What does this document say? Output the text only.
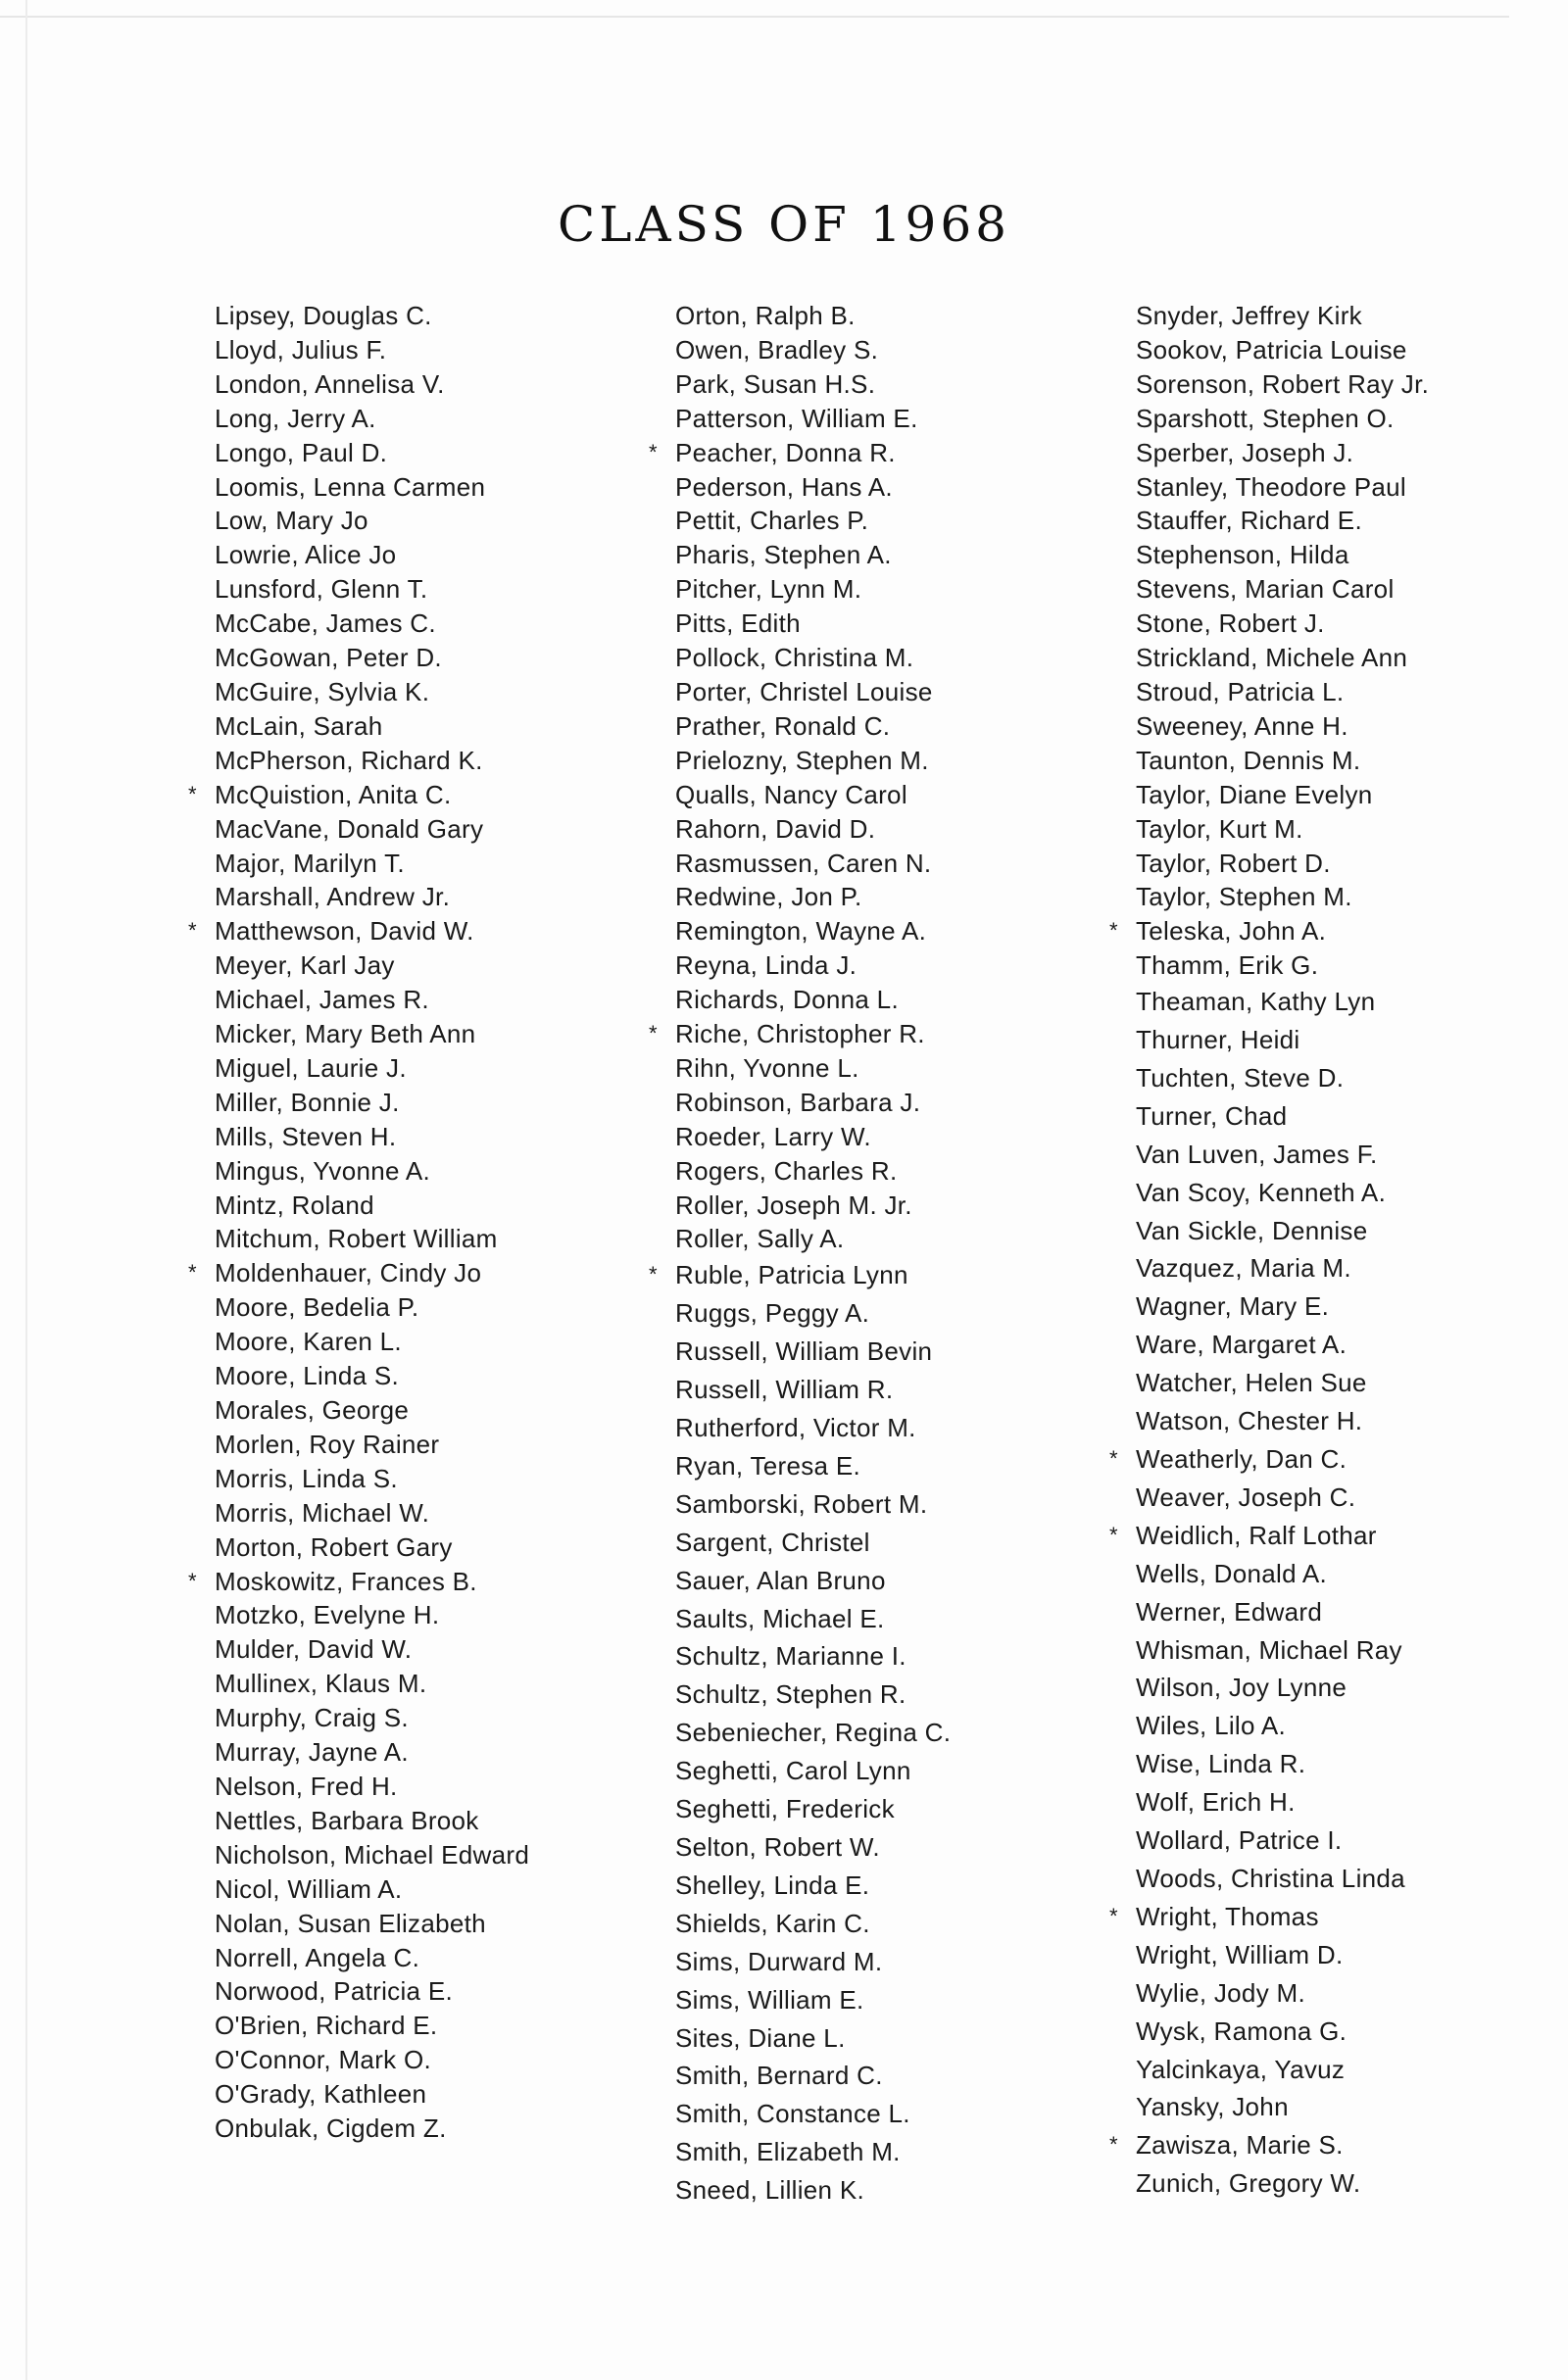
CLASS OF 1968
Lipsey, Douglas C.
Lloyd, Julius F.
London, Annelisa V.
Long, Jerry A.
Longo, Paul D.
Loomis, Lenna Carmen
Low, Mary Jo
Lowrie, Alice Jo
Lunsford, Glenn T.
McCabe, James C.
McGowan, Peter D.
McGuire, Sylvia K.
McLain, Sarah
McPherson, Richard K.
* McQuistion, Anita C.
MacVane, Donald Gary
Major, Marilyn T.
Marshall, Andrew Jr.
* Matthewson, David W.
Meyer, Karl Jay
Michael, James R.
Micker, Mary Beth Ann
Miguel, Laurie J.
Miller, Bonnie J.
Mills, Steven H.
Mingus, Yvonne A.
Mintz, Roland
Mitchum, Robert William
* Moldenhauer, Cindy Jo
Moore, Bedelia P.
Moore, Karen L.
Moore, Linda S.
Morales, George
Morlen, Roy Rainer
Morris, Linda S.
Morris, Michael W.
Morton, Robert Gary
* Moskowitz, Frances B.
Motzko, Evelyne H.
Mulder, David W.
Mullinex, Klaus M.
Murphy, Craig S.
Murray, Jayne A.
Nelson, Fred H.
Nettles, Barbara Brook
Nicholson, Michael Edward
Nicol, William A.
Nolan, Susan Elizabeth
Norrell, Angela C.
Norwood, Patricia E.
O'Brien, Richard E.
O'Connor, Mark O.
O'Grady, Kathleen
Onbulak, Cigdem Z.
Orton, Ralph B.
Owen, Bradley S.
Park, Susan H.S.
Patterson, William E.
* Peacher, Donna R.
Pederson, Hans A.
Pettit, Charles P.
Pharis, Stephen A.
Pitcher, Lynn M.
Pitts, Edith
Pollock, Christina M.
Porter, Christel Louise
Prather, Ronald C.
Prielozny, Stephen M.
Qualls, Nancy Carol
Rahorn, David D.
Rasmussen, Caren N.
Redwine, Jon P.
Remington, Wayne A.
Reyna, Linda J.
Richards, Donna L.
* Riche, Christopher R.
Rihn, Yvonne L.
Robinson, Barbara J.
Roeder, Larry W.
Rogers, Charles R.
Roller, Joseph M. Jr.
Roller, Sally A.
* Ruble, Patricia Lynn
Ruggs, Peggy A.
Russell, William Bevin
Russell, William R.
Rutherford, Victor M.
Ryan, Teresa E.
Samborski, Robert M.
Sargent, Christel
Sauer, Alan Bruno
Saults, Michael E.
Schultz, Marianne I.
Schultz, Stephen R.
Sebeniecher, Regina C.
Seghetti, Carol Lynn
Seghetti, Frederick
Selton, Robert W.
Shelley, Linda E.
Shields, Karin C.
Sims, Durward M.
Sims, William E.
Sites, Diane L.
Smith, Bernard C.
Smith, Constance L.
Smith, Elizabeth M.
Sneed, Lillien K.
Snyder, Jeffrey Kirk
Sookov, Patricia Louise
Sorenson, Robert Ray Jr.
Sparshott, Stephen O.
Sperber, Joseph J.
Stanley, Theodore Paul
Stauffer, Richard E.
Stephenson, Hilda
Stevens, Marian Carol
Stone, Robert J.
Strickland, Michele Ann
Stroud, Patricia L.
Sweeney, Anne H.
Taunton, Dennis M.
Taylor, Diane Evelyn
Taylor, Kurt M.
Taylor, Robert D.
Taylor, Stephen M.
* Teleska, John A.
Thamm, Erik G.
Theaman, Kathy Lyn
Thurner, Heidi
Tuchten, Steve D.
Turner, Chad
Van Luven, James F.
Van Scoy, Kenneth A.
Van Sickle, Dennise
Vazquez, Maria M.
Wagner, Mary E.
Ware, Margaret A.
Watcher, Helen Sue
Watson, Chester H.
* Weatherly, Dan C.
Weaver, Joseph C.
* Weidlich, Ralf Lothar
Wells, Donald A.
Werner, Edward
Whisman, Michael Ray
Wilson, Joy Lynne
Wiles, Lilo A.
Wise, Linda R.
Wolf, Erich H.
Wollard, Patrice I.
Woods, Christina Linda
* Wright, Thomas
Wright, William D.
Wylie, Jody M.
Wysk, Ramona G.
Yalcinkaya, Yavuz
Yansky, John
* Zawisza, Marie S.
Zunich, Gregory W.
